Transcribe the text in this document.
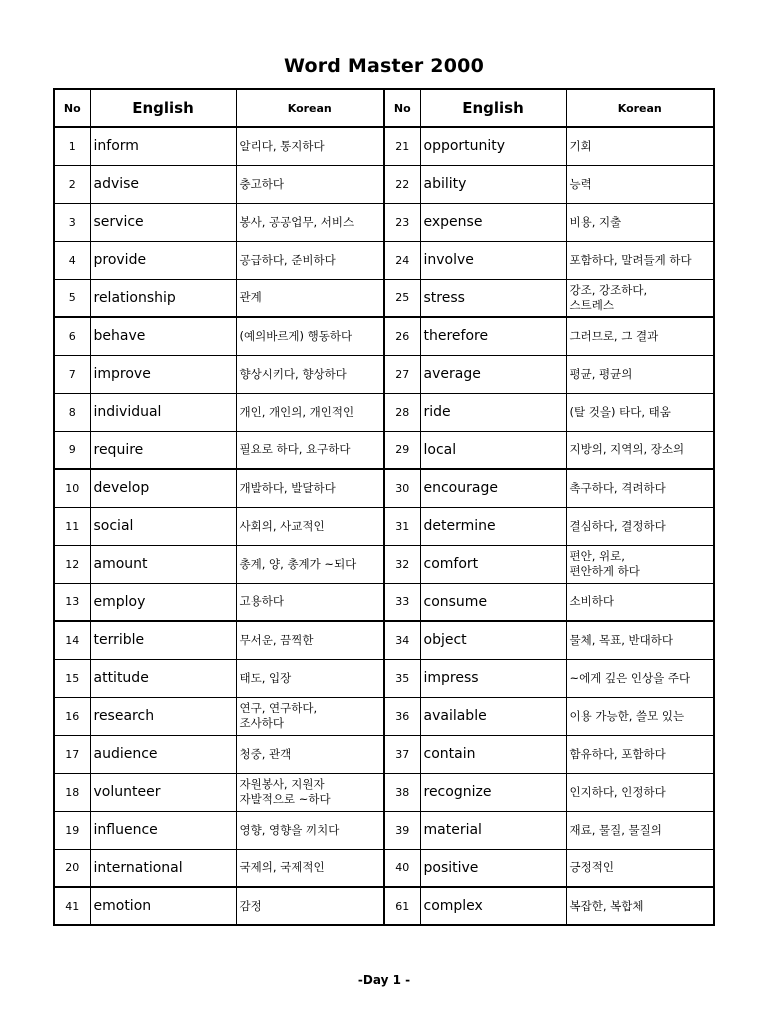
Word Master 2000
No	English	Korean	No	English	Korean
1	inform	알리다, 통지하다	21	opportunity	기회

2	advise	충고하다	22	ability	능력

3	service	봉사, 공공업무, 서비스	23	expense	비용, 지출

4	provide	공급하다, 준비하다	24	involve	포함하다, 말려들게 하다

5	relationship	관계	25	stress	강조, 강조하다,
스트레스

6	behave	(예의바르게) 행동하다	26	therefore	그러므로, 그 결과

7	improve	향상시키다, 향상하다	27	average	평균, 평균의

8	individual	개인, 개인의, 개인적인	28	ride	(탈 것을) 타다, 태움

9	require	필요로 하다, 요구하다	29	local	지방의, 지역의, 장소의

10	develop	개발하다, 발달하다	30	encourage	촉구하다, 격려하다

11	social	사회의, 사교적인	31	determine	결심하다, 결정하다

12	amount	총계, 양, 총계가 ~되다	32	comfort	편안, 위로,
편안하게 하다

13	employ	고용하다	33	consume	소비하다

14	terrible	무서운, 끔찍한	34	object	물체, 목표, 반대하다

15	attitude	태도, 입장	35	impress	~에게 깊은 인상을 주다

16	research	연구, 연구하다,
조사하다	36	available	이용 가능한, 쓸모 있는

17	audience	청중, 관객	37	contain	함유하다, 포함하다

18	volunteer	자원봉사, 지원자
자발적으로 ~하다	38	recognize	인지하다, 인정하다

19	influence	영향, 영향을 끼치다	39	material	재료, 물질, 물질의

20	international	국제의, 국제적인	40	positive	긍정적인

41	emotion	감정	61	complex	복잡한, 복합체
-Day 1 -
